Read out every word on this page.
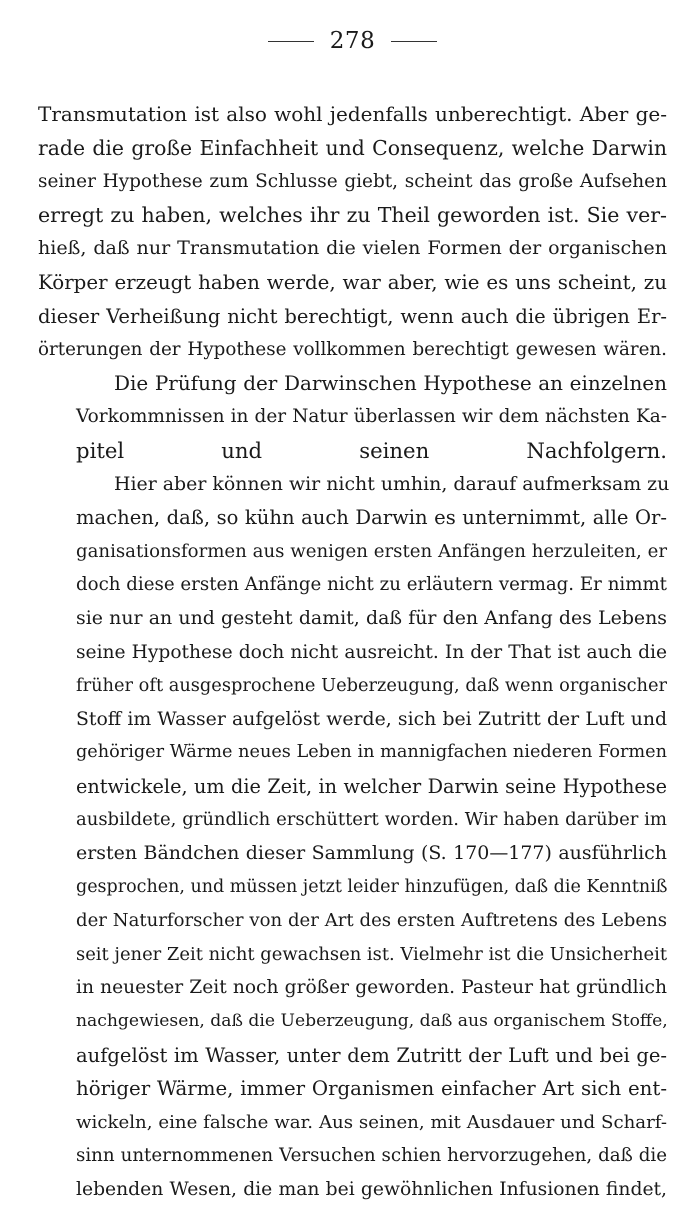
278
Transmutation ist also wohl jedenfalls unberechtigt. Aber ge-
rade die große Einfachheit und Consequenz, welche Darwin
seiner Hypothese zum Schlusse giebt, scheint das große Aufsehen
erregt zu haben, welches ihr zu Theil geworden ist. Sie ver-
hieß, daß nur Transmutation die vielen Formen der organischen
Körper erzeugt haben werde, war aber, wie es uns scheint, zu
dieser Verheißung nicht berechtigt, wenn auch die übrigen Er-
örterungen der Hypothese vollkommen berechtigt gewesen wären.
Die Prüfung der Darwinschen Hypothese an einzelnen
Vorkommnissen in der Natur überlassen wir dem nächsten Ka-
pitel und seinen Nachfolgern.
Hier aber können wir nicht umhin, darauf aufmerksam zu
machen, daß, so kühn auch Darwin es unternimmt, alle Or-
ganisationsformen aus wenigen ersten Anfängen herzuleiten, er
doch diese ersten Anfänge nicht zu erläutern vermag. Er nimmt
sie nur an und gesteht damit, daß für den Anfang des Lebens
seine Hypothese doch nicht ausreicht. In der That ist auch die
früher oft ausgesprochene Ueberzeugung, daß wenn organischer
Stoff im Wasser aufgelöst werde, sich bei Zutritt der Luft und
gehöriger Wärme neues Leben in mannigfachen niederen Formen
entwickele, um die Zeit, in welcher Darwin seine Hypothese
ausbildete, gründlich erschüttert worden. Wir haben darüber im
ersten Bändchen dieser Sammlung (S. 170—177) ausführlich
gesprochen, und müssen jetzt leider hinzufügen, daß die Kenntniß
der Naturforscher von der Art des ersten Auftretens des Lebens
seit jener Zeit nicht gewachsen ist. Vielmehr ist die Unsicherheit
in neuester Zeit noch größer geworden. Pasteur hat gründlich
nachgewiesen, daß die Ueberzeugung, daß aus organischem Stoffe,
aufgelöst im Wasser, unter dem Zutritt der Luft und bei ge-
höriger Wärme, immer Organismen einfacher Art sich ent-
wickeln, eine falsche war. Aus seinen, mit Ausdauer und Scharf-
sinn unternommenen Versuchen schien hervorzugehen, daß die
lebenden Wesen, die man bei gewöhnlichen Infusionen findet,
